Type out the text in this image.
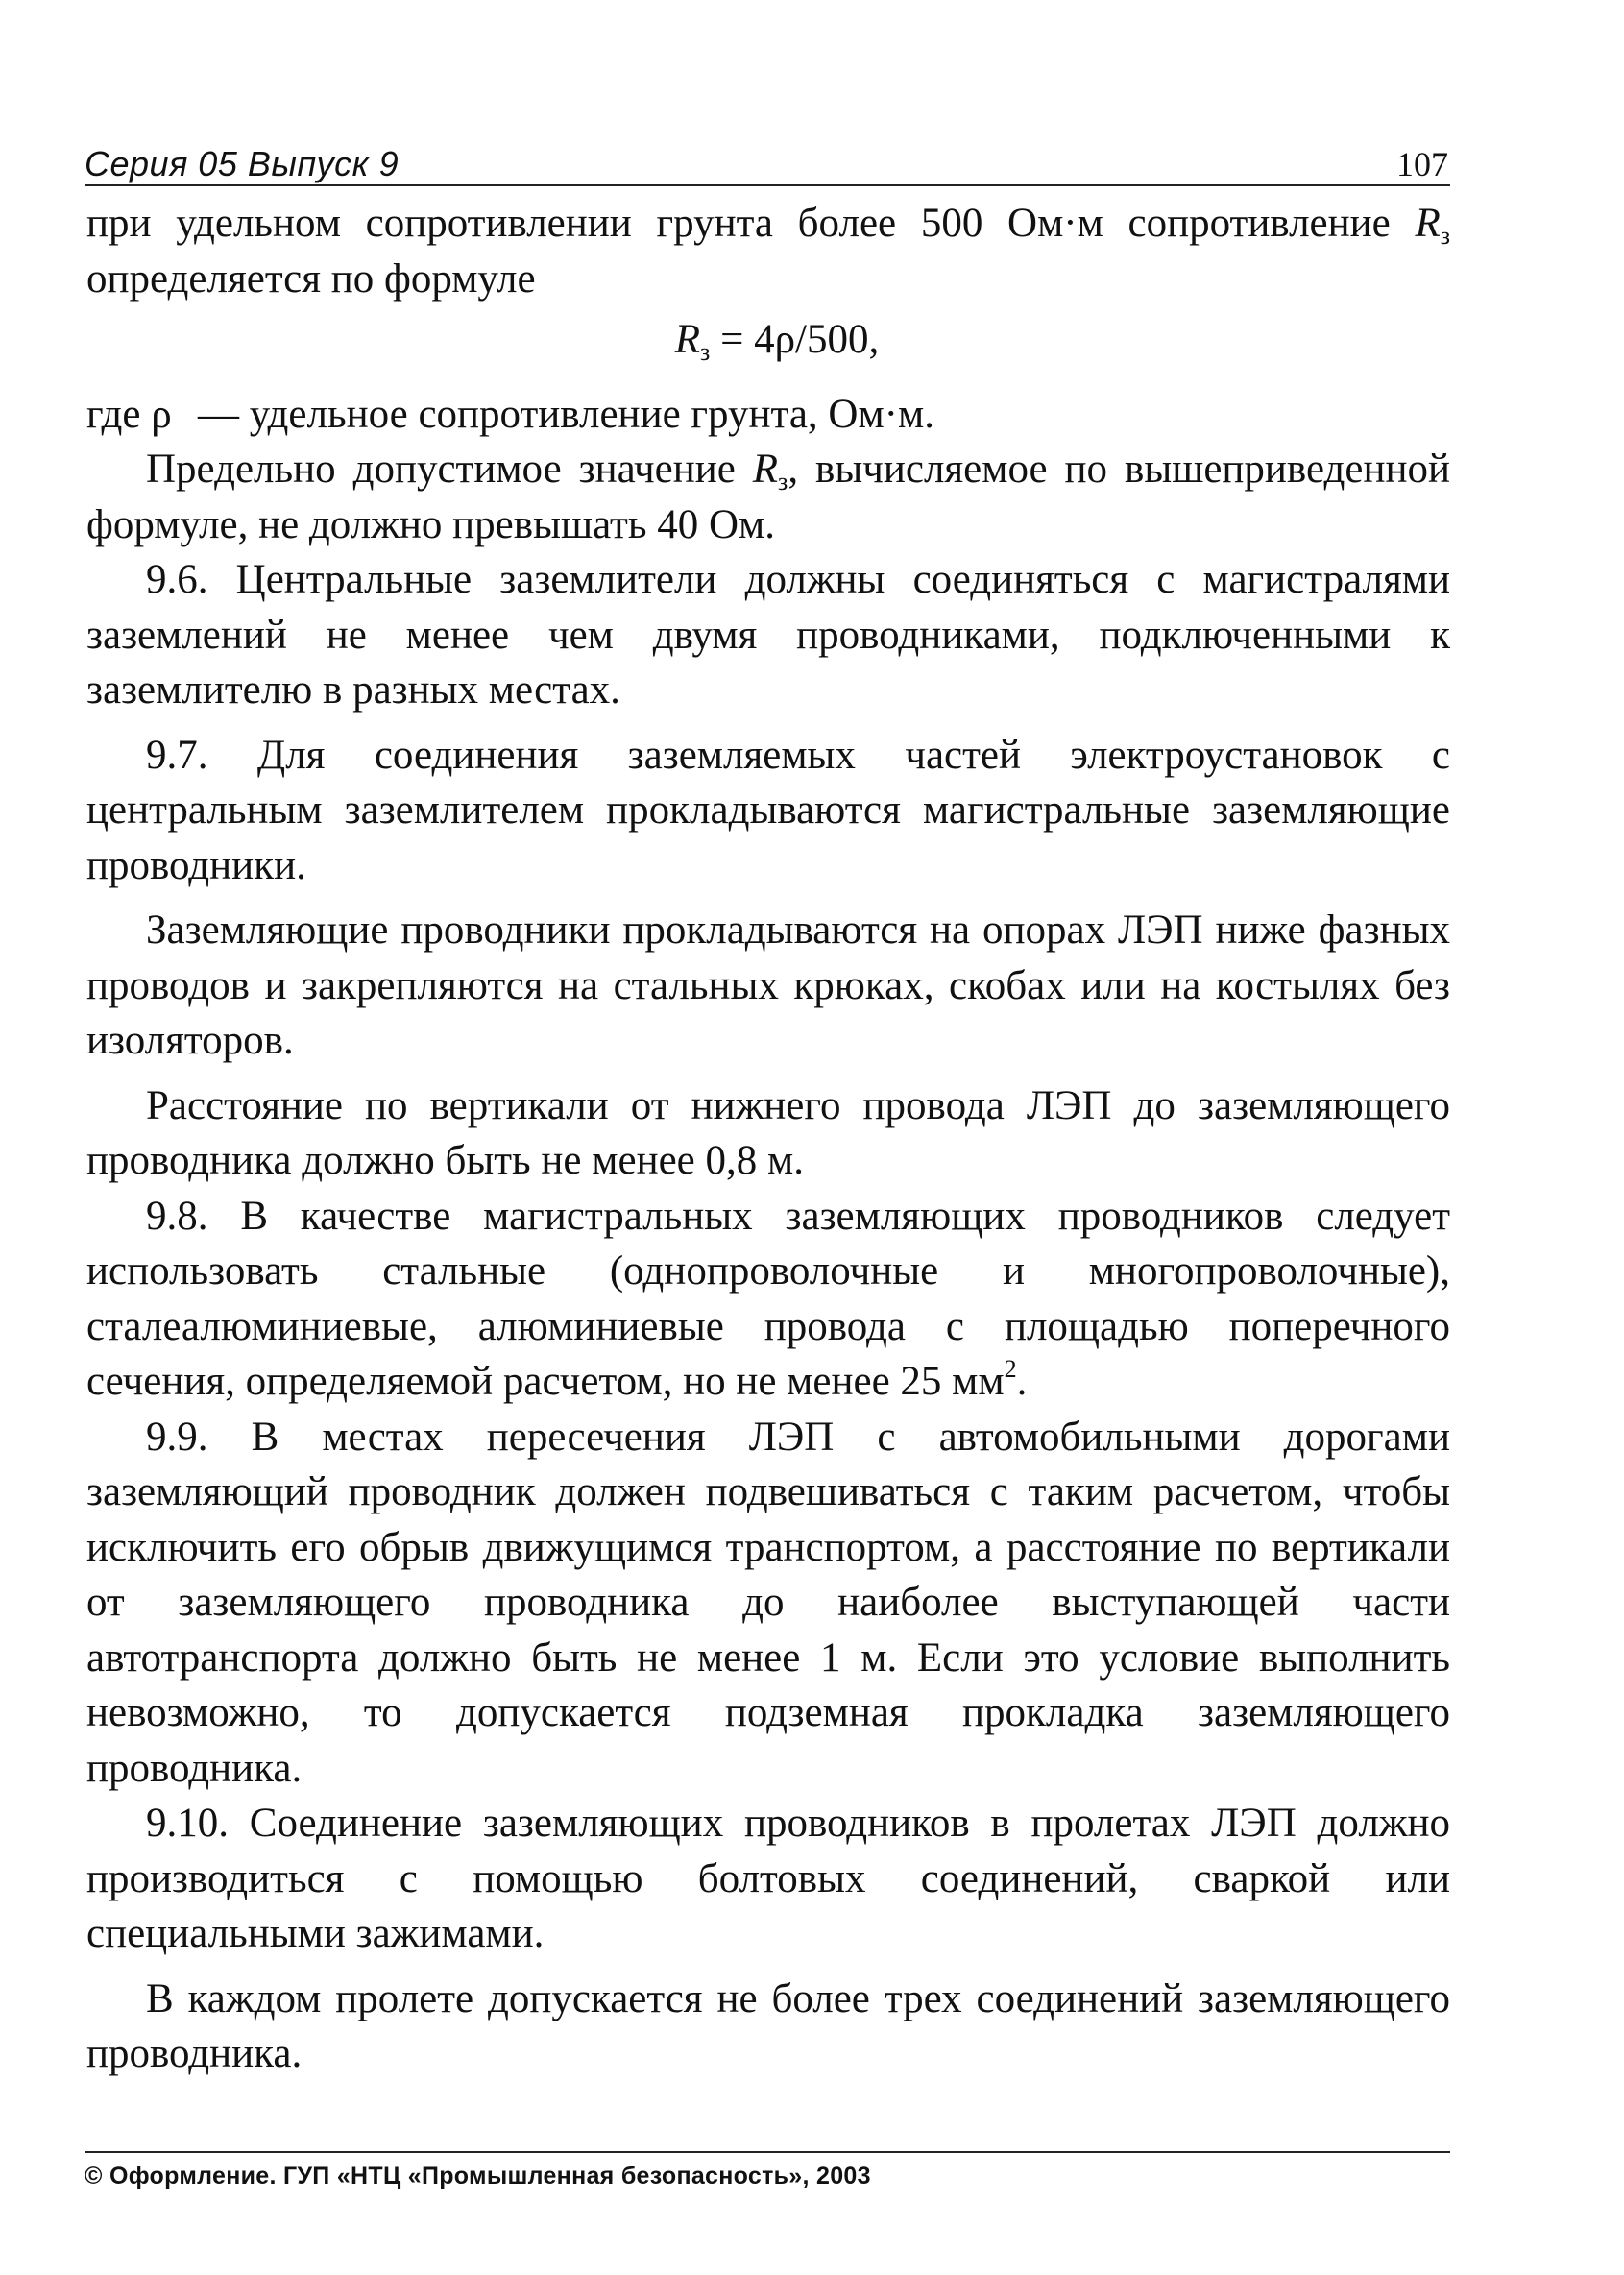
Серия 05 Выпуск 9	107

при удельном сопротивлении грунта более 500 Ом·м сопротивление $R_з$ определяется по формуле

$R_з = 4\rho/500$,

где ρ — удельное сопротивление грунта, Ом·м.

Предельно допустимое значение $R_з$, вычисляемое по вышеприведенной формуле, не должно превышать 40 Ом.

9.6. Центральные заземлители должны соединяться с магистралями заземлений не менее чем двумя проводниками, подключенными к заземлителю в разных местах.

9.7. Для соединения заземляемых частей электроустановок с центральным заземлителем прокладываются магистральные заземляющие проводники.

Заземляющие проводники прокладываются на опорах ЛЭП ниже фазных проводов и закрепляются на стальных крюках, скобах или на костылях без изоляторов.

Расстояние по вертикали от нижнего провода ЛЭП до заземляющего проводника должно быть не менее 0,8 м.

9.8. В качестве магистральных заземляющих проводников следует использовать стальные (однопроволочные и многопроволочные), сталеалюминиевые, алюминиевые провода с площадью поперечного сечения, определяемой расчетом, но не менее 25 $мм^2$.

9.9. В местах пересечения ЛЭП с автомобильными дорогами заземляющий проводник должен подвешиваться с таким расчетом, чтобы исключить его обрыв движущимся транспортом, а расстояние по вертикали от заземляющего проводника до наиболее выступающей части автотранспорта должно быть не менее 1 м. Если это условие выполнить невозможно, то допускается подземная прокладка заземляющего проводника.

9.10. Соединение заземляющих проводников в пролетах ЛЭП должно производиться с помощью болтовых соединений, сваркой или специальными зажимами.

В каждом пролете допускается не более трех соединений заземляющего проводника.

© Оформление. ГУП «НТЦ «Промышленная безопасность», 2003
